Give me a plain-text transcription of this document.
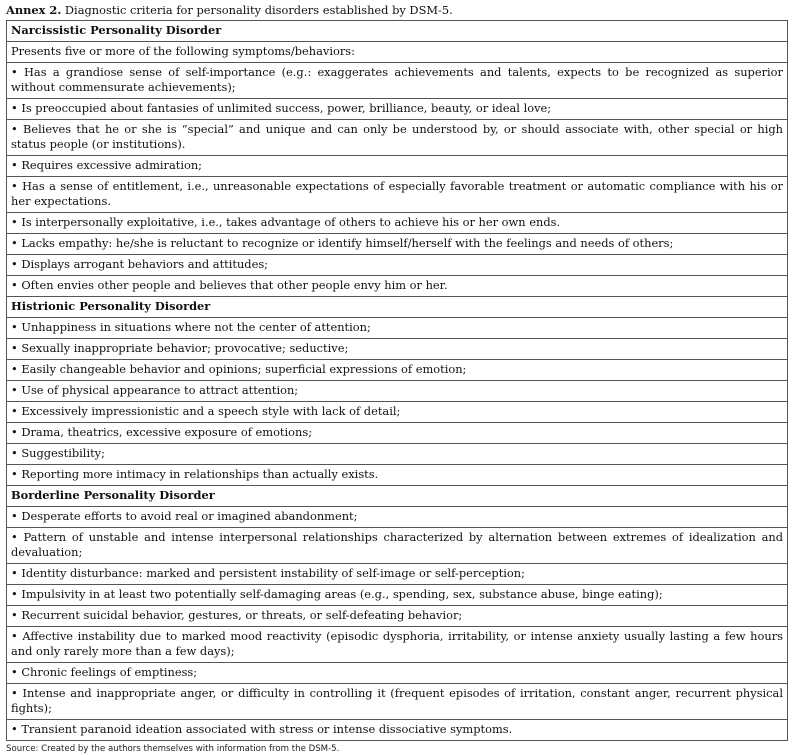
Annex 2. Diagnostic criteria for personality disorders established by DSM-5.
Narcissistic Personality Disorder
Presents five or more of the following symptoms/behaviors:
• Has a grandiose sense of self-importance (e.g.: exaggerates achievements and talents, expects to be recognized as superior without commensurate achievements);
• Is preoccupied about fantasies of unlimited success, power, brilliance, beauty, or ideal love;
• Believes that he or she is “special” and unique and can only be understood by, or should associate with, other special or high status people (or institutions).
• Requires excessive admiration;
• Has a sense of entitlement, i.e., unreasonable expectations of especially favorable treatment or automatic compliance with his or her expectations.
• Is interpersonally exploitative, i.e., takes advantage of others to achieve his or her own ends.
• Lacks empathy: he/she is reluctant to recognize or identify himself/herself with the feelings and needs of others;
• Displays arrogant behaviors and attitudes;
• Often envies other people and believes that other people envy him or her.
Histrionic Personality Disorder
• Unhappiness in situations where not the center of attention;
• Sexually inappropriate behavior; provocative; seductive;
• Easily changeable behavior and opinions; superficial expressions of emotion;
• Use of physical appearance to attract attention;
• Excessively impressionistic and a speech style with lack of detail;
• Drama, theatrics, excessive exposure of emotions;
• Suggestibility;
• Reporting more intimacy in relationships than actually exists.
Borderline Personality Disorder
• Desperate efforts to avoid real or imagined abandonment;
• Pattern of unstable and intense interpersonal relationships characterized by alternation between extremes of idealization and devaluation;
• Identity disturbance: marked and persistent instability of self-image or self-perception;
• Impulsivity in at least two potentially self-damaging areas (e.g., spending, sex, substance abuse, binge eating);
• Recurrent suicidal behavior, gestures, or threats, or self-defeating behavior;
• Affective instability due to marked mood reactivity (episodic dysphoria, irritability, or intense anxiety usually lasting a few hours and only rarely more than a few days);
• Chronic feelings of emptiness;
• Intense and inappropriate anger, or difficulty in controlling it (frequent episodes of irritation, constant anger, recurrent physical fights);
• Transient paranoid ideation associated with stress or intense dissociative symptoms.
Source: Created by the authors themselves with information from the DSM-5.
